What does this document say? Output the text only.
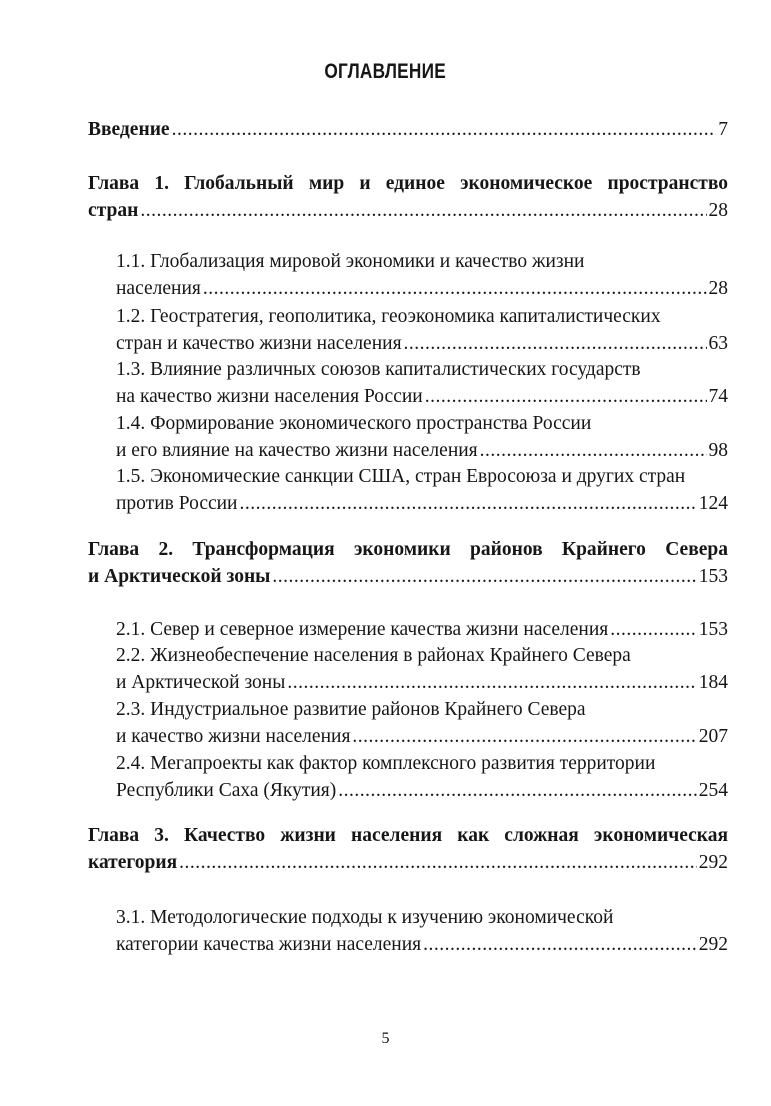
ОГЛАВЛЕНИЕ
Введение .....	7
Глава 1. Глобальный мир и единое экономическое пространство
стран .....	28
1.1. Глобализация мировой экономики и качество жизни
населения .....	28
1.2. Геостратегия, геополитика, геоэкономика капиталистических
стран и качество жизни населения .....	63
1.3. Влияние различных союзов капиталистических государств
на качество жизни населения России .....	74
1.4. Формирование экономического пространства России
и его влияние на качество жизни населения .....	98
1.5. Экономические санкции США, стран Евросоюза и других стран
против России .....	124
Глава 2. Трансформация экономики районов Крайнего Севера
и Арктической зоны .....	153
2.1. Север и северное измерение качества жизни населения .....	153
2.2. Жизнеобеспечение населения в районах Крайнего Севера
и Арктической зоны .....	184
2.3. Индустриальное развитие районов Крайнего Севера
и качество жизни населения .....	207
2.4. Мегапроекты как фактор комплексного развития территории
Республики Саха (Якутия) .....	254
Глава 3. Качество жизни населения как сложная экономическая
категория .....	292
3.1. Методологические подходы к изучению экономической
категории качества жизни населения .....	292
5
